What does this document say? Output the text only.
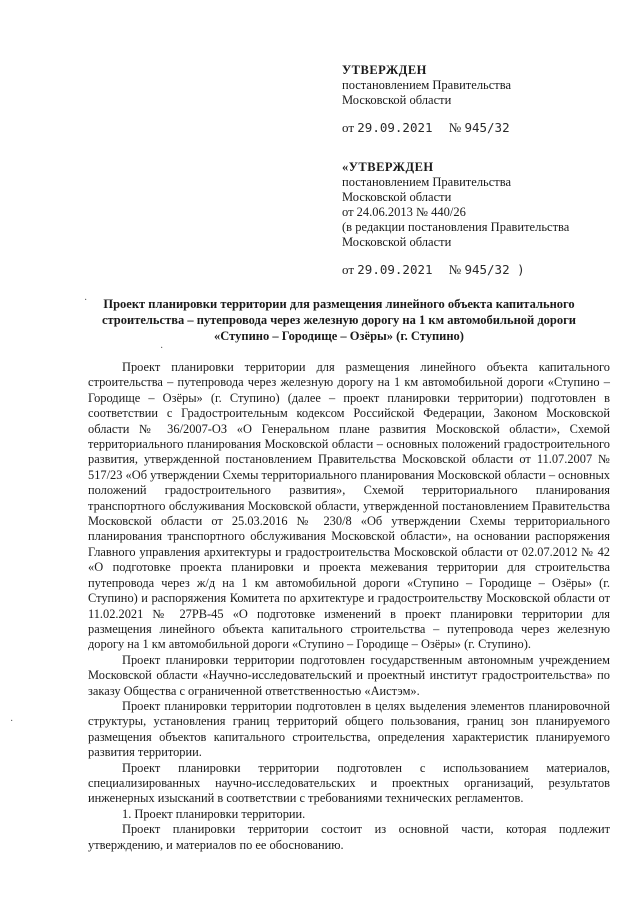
УТВЕРЖДЕН
постановлением Правительства
Московской области
от 29.09.2021 № 945/32
«УТВЕРЖДЕН
постановлением Правительства
Московской области
от 24.06.2013 № 440/26
(в редакции постановления Правительства
Московской области
от 29.09.2021 № 945/32 )
Проект планировки территории для размещения линейного объекта капитального
строительства – путепровода через железную дорогу на 1 км автомобильной дороги
«Ступино – Городище – Озёры» (г. Ступино)

Проект планировки территории для размещения линейного объекта капитального строительства – путепровода через железную дорогу на 1 км автомобильной дороги «Ступино – Городище – Озёры» (г. Ступино) (далее – проект планировки территории) подготовлен в соответствии с Градостроительным кодексом Российской Федерации, Законом Московской области № 36/2007-ОЗ «О Генеральном плане развития Московской области», Схемой территориального планирования Московской области – основных положений градостроительного развития, утвержденной постановлением Правительства Московской области от 11.07.2007 № 517/23 «Об утверждении Схемы территориального планирования Московской области – основных положений градостроительного развития», Схемой территориального планирования транспортного обслуживания Московской области, утвержденной постановлением Правительства Московской области от 25.03.2016 № 230/8 «Об утверждении Схемы территориального планирования транспортного обслуживания Московской области», на основании распоряжения Главного управления архитектуры и градостроительства Московской области от 02.07.2012 № 42 «О подготовке проекта планировки и проекта межевания территории для строительства путепровода через ж/д на 1 км автомобильной дороги «Ступино – Городище – Озёры» (г. Ступино) и распоряжения Комитета по архитектуре и градостроительству Московской области от 11.02.2021 № 27РВ-45 «О подготовке изменений в проект планировки территории для размещения линейного объекта капитального строительства – путепровода через железную дорогу на 1 км автомобильной дороги «Ступино – Городище – Озёры» (г. Ступино).

Проект планировки территории подготовлен государственным автономным учреждением Московской области «Научно-исследовательский и проектный институт градостроительства» по заказу Общества с ограниченной ответственностью «Аистэм».

Проект планировки территории подготовлен в целях выделения элементов планировочной структуры, установления границ территорий общего пользования, границ зон планируемого размещения объектов капитального строительства, определения характеристик планируемого развития территории.

Проект планировки территории подготовлен с использованием материалов, специализированных научно-исследовательских и проектных организаций, результатов инженерных изысканий в соответствии с требованиями технических регламентов.

1. Проект планировки территории.

Проект планировки территории состоит из основной части, которая подлежит утверждению, и материалов по ее обоснованию.

·
·
·
